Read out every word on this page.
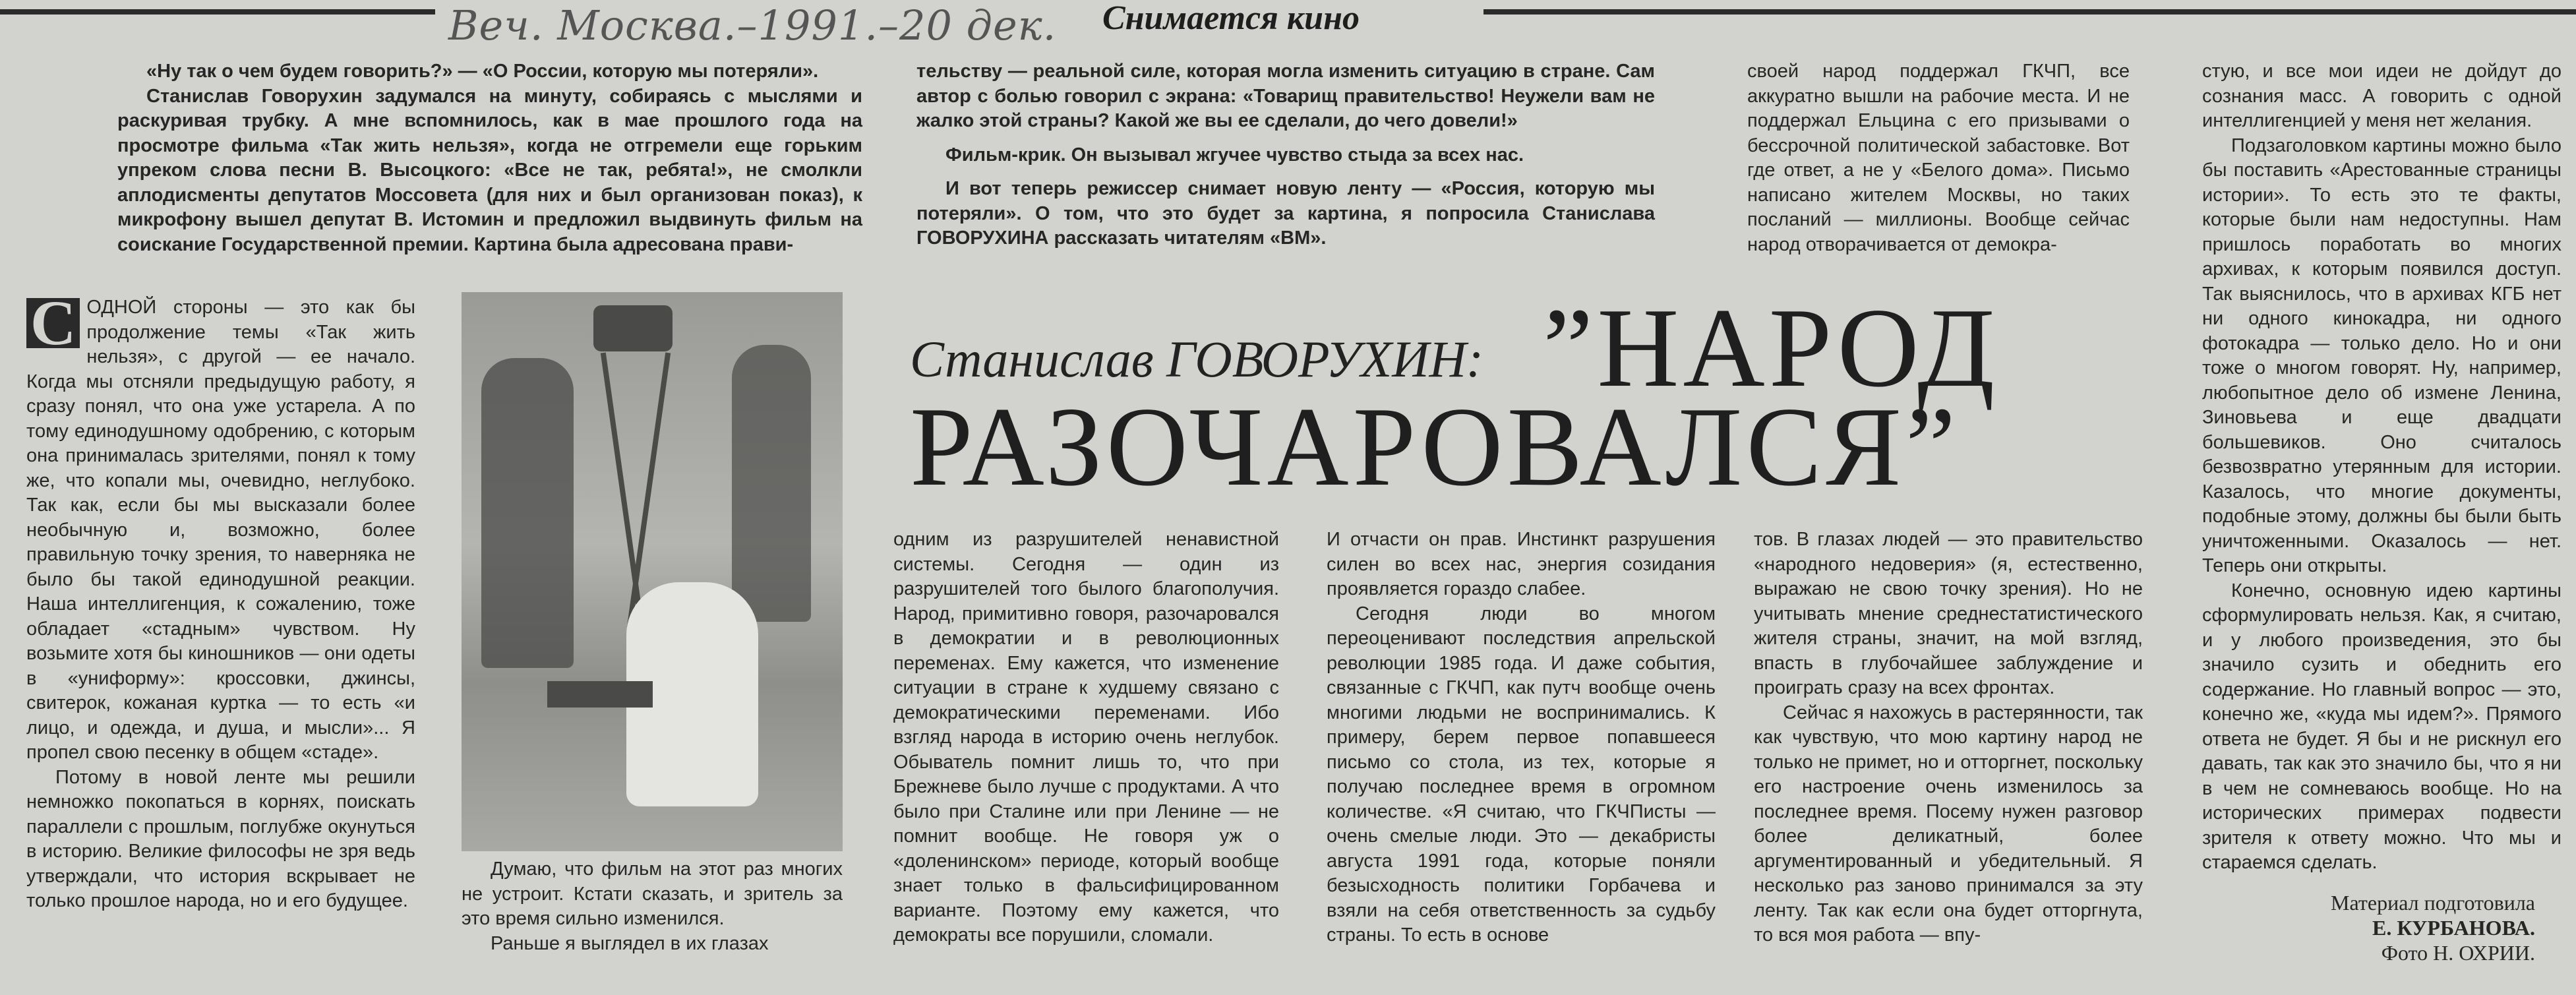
Веч. Москва.–1991.–20 дек. Снимается кино

«Ну так о чем будем говорить?» — «О России, которую мы потеряли».

Станислав Говорухин задумался на минуту, собираясь с мыслями и раскуривая трубку. А мне вспомнилось, как в мае прошлого года на просмотре фильма «Так жить нельзя», когда не отгремели еще горьким упреком слова песни В. Высоцкого: «Все не так, ребята!», не смолкли аплодисменты депутатов Моссовета (для них и был организован показ), к микрофону вышел депутат В. Истомин и предложил выдвинуть фильм на соискание Государственной премии. Картина была адресована прави-

тельству — реальной силе, которая могла изменить ситуацию в стране. Сам автор с болью говорил с экрана: «Товарищ правительство! Неужели вам не жалко этой страны? Какой же вы ее сделали, до чего довели!»

Фильм-крик. Он вызывал жгучее чувство стыда за всех нас.

И вот теперь режиссер снимает новую ленту — «Россия, которую мы потеряли». О том, что это будет за картина, я попросила Станислава ГОВОРУХИНА рассказать читателям «ВМ».

своей народ поддержал ГКЧП, все аккуратно вышли на рабочие места. И не поддержал Ельцина с его призывами о бессрочной политической забастовке. Вот где ответ, а не у «Белого дома». Письмо написано жителем Москвы, но таких посланий — миллионы. Вообще сейчас народ отворачивается от демокра-

Станислав ГОВОРУХИН: ”НАРОД
РАЗОЧАРОВАЛСЯ”
С ОДНОЙ стороны — это как бы продолжение темы «Так жить нельзя», с другой — ее начало. Когда мы отсняли предыдущую работу, я сразу понял, что она уже устарела. А по тому единодушному одобрению, с которым она принималась зрителями, понял к тому же, что копали мы, очевидно, неглубоко. Так как, если бы мы высказали более необычную и, возможно, более правильную точку зрения, то наверняка не было бы такой единодушной реакции. Наша интеллигенция, к сожалению, тоже обладает «стадным» чувством. Ну возьмите хотя бы киношников — они одеты в «униформу»: кроссовки, джинсы, свитерок, кожаная куртка — то есть «и лицо, и одежда, и душа, и мысли»... Я пропел свою песенку в общем «стаде».

Потому в новой ленте мы решили немножко покопаться в корнях, поискать параллели с прошлым, поглубже окунуться в историю. Великие философы не зря ведь утверждали, что история вскрывает не только прошлое народа, но и его будущее.

Думаю, что фильм на этот раз многих не устроит. Кстати сказать, и зритель за это время сильно изменился.

Раньше я выглядел в их глазах

одним из разрушителей ненавистной системы. Сегодня — один из разрушителей того былого благополучия. Народ, примитивно говоря, разочаровался в демократии и в революционных переменах. Ему кажется, что изменение ситуации в стране к худшему связано с демократическими переменами. Ибо взгляд народа в историю очень неглубок. Обыватель помнит лишь то, что при Брежневе было лучше с продуктами. А что было при Сталине или при Ленине — не помнит вообще. Не говоря уж о «доленинском» периоде, который вообще знает только в фальсифицированном варианте. Поэтому ему кажется, что демократы все порушили, сломали.

И отчасти он прав. Инстинкт разрушения силен во всех нас, энергия созидания проявляется гораздо слабее.

Сегодня люди во многом переоценивают последствия апрельской революции 1985 года. И даже события, связанные с ГКЧП, как путч вообще очень многими людьми не воспринимались. К примеру, берем первое попавшееся письмо со стола, из тех, которые я получаю последнее время в огромном количестве. «Я считаю, что ГКЧПисты — очень смелые люди. Это — декабристы августа 1991 года, которые поняли безысходность политики Горбачева и взяли на себя ответственность за судьбу страны. То есть в основе

тов. В глазах людей — это правительство «народного недоверия» (я, естественно, выражаю не свою точку зрения). Но не учитывать мнение среднестатистического жителя страны, значит, на мой взгляд, впасть в глубочайшее заблуждение и проиграть сразу на всех фронтах.

Сейчас я нахожусь в растерянности, так как чувствую, что мою картину народ не только не примет, но и отторгнет, поскольку его настроение очень изменилось за последнее время. Посему нужен разговор более деликатный, более аргументированный и убедительный. Я несколько раз заново принимался за эту ленту. Так как если она будет отторгнута, то вся моя работа — впу-

стую, и все мои идеи не дойдут до сознания масс. А говорить с одной интеллигенцией у меня нет желания.

Подзаголовком картины можно было бы поставить «Арестованные страницы истории». То есть это те факты, которые были нам недоступны. Нам пришлось поработать во многих архивах, к которым появился доступ. Так выяснилось, что в архивах КГБ нет ни одного кинокадра, ни одного фотокадра — только дело. Но и они тоже о многом говорят. Ну, например, любопытное дело об измене Ленина, Зиновьева и еще двадцати большевиков. Оно считалось безвозвратно утерянным для истории. Казалось, что многие документы, подобные этому, должны бы были быть уничтоженными. Оказалось — нет. Теперь они открыты.

Конечно, основную идею картины сформулировать нельзя. Как, я считаю, и у любого произведения, это бы значило сузить и обеднить его содержание. Но главный вопрос — это, конечно же, «куда мы идем?». Прямого ответа не будет. Я бы и не рискнул его давать, так как это значило бы, что я ни в чем не сомневаюсь вообще. Но на исторических примерах подвести зрителя к ответу можно. Что мы и стараемся сделать.

Материал подготовила
Е. КУРБАНОВА.
Фото Н. ОХРИИ.
